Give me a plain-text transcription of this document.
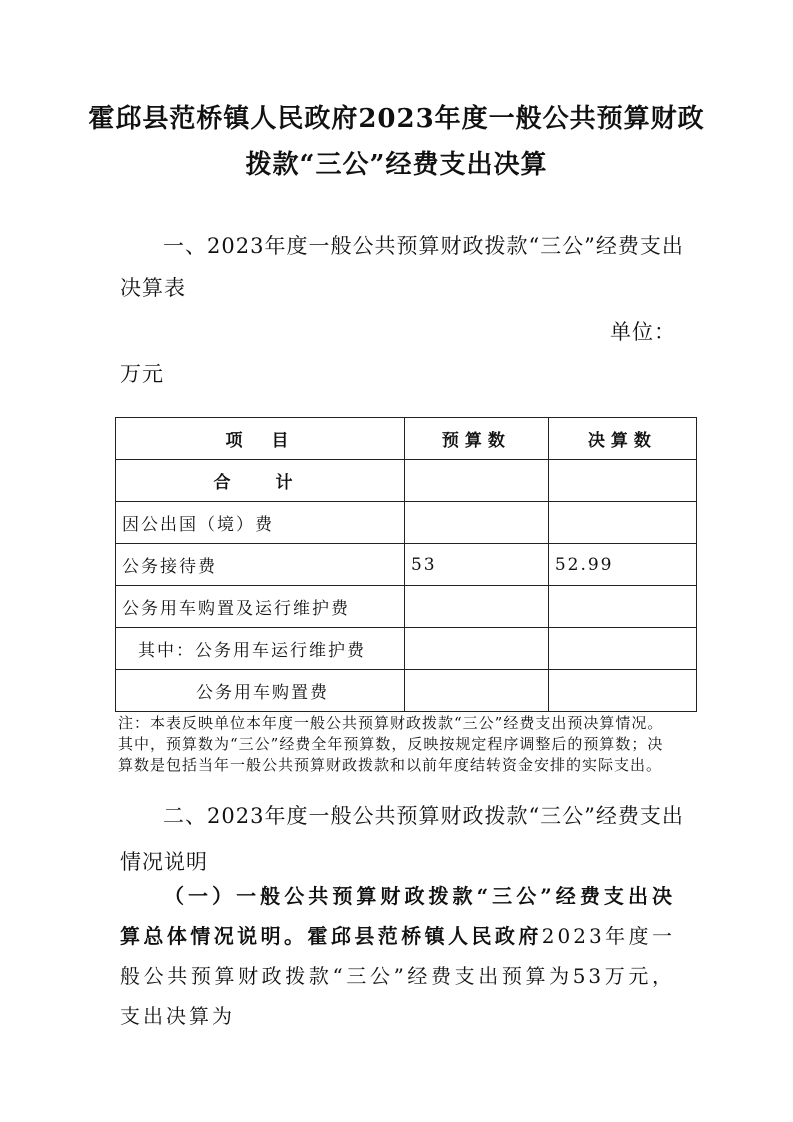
霍邱县范桥镇人民政府2023年度一般公共预算财政
拨款“三公”经费支出决算
一、2023年度一般公共预算财政拨款“三公”经费支出
决算表
单位：
万元
项　目	预算数	决算数
合　计		
因公出国（境）费		
公务接待费	53	52.99
公务用车购置及运行维护费		
其中：公务用车运行维护费		
公务用车购置费		
注：本表反映单位本年度一般公共预算财政拨款“三公”经费支出预决算情况。其中，预算数为“三公”经费全年预算数，反映按规定程序调整后的预算数；决算数是包括当年一般公共预算财政拨款和以前年度结转资金安排的实际支出。
二、2023年度一般公共预算财政拨款“三公”经费支出
情况说明
（一）一般公共预算财政拨款“三公”经费支出决算总体情况说明。霍邱县范桥镇人民政府2023年度一般公共预算财政拨款“三公”经费支出预算为53万元，支出决算为
